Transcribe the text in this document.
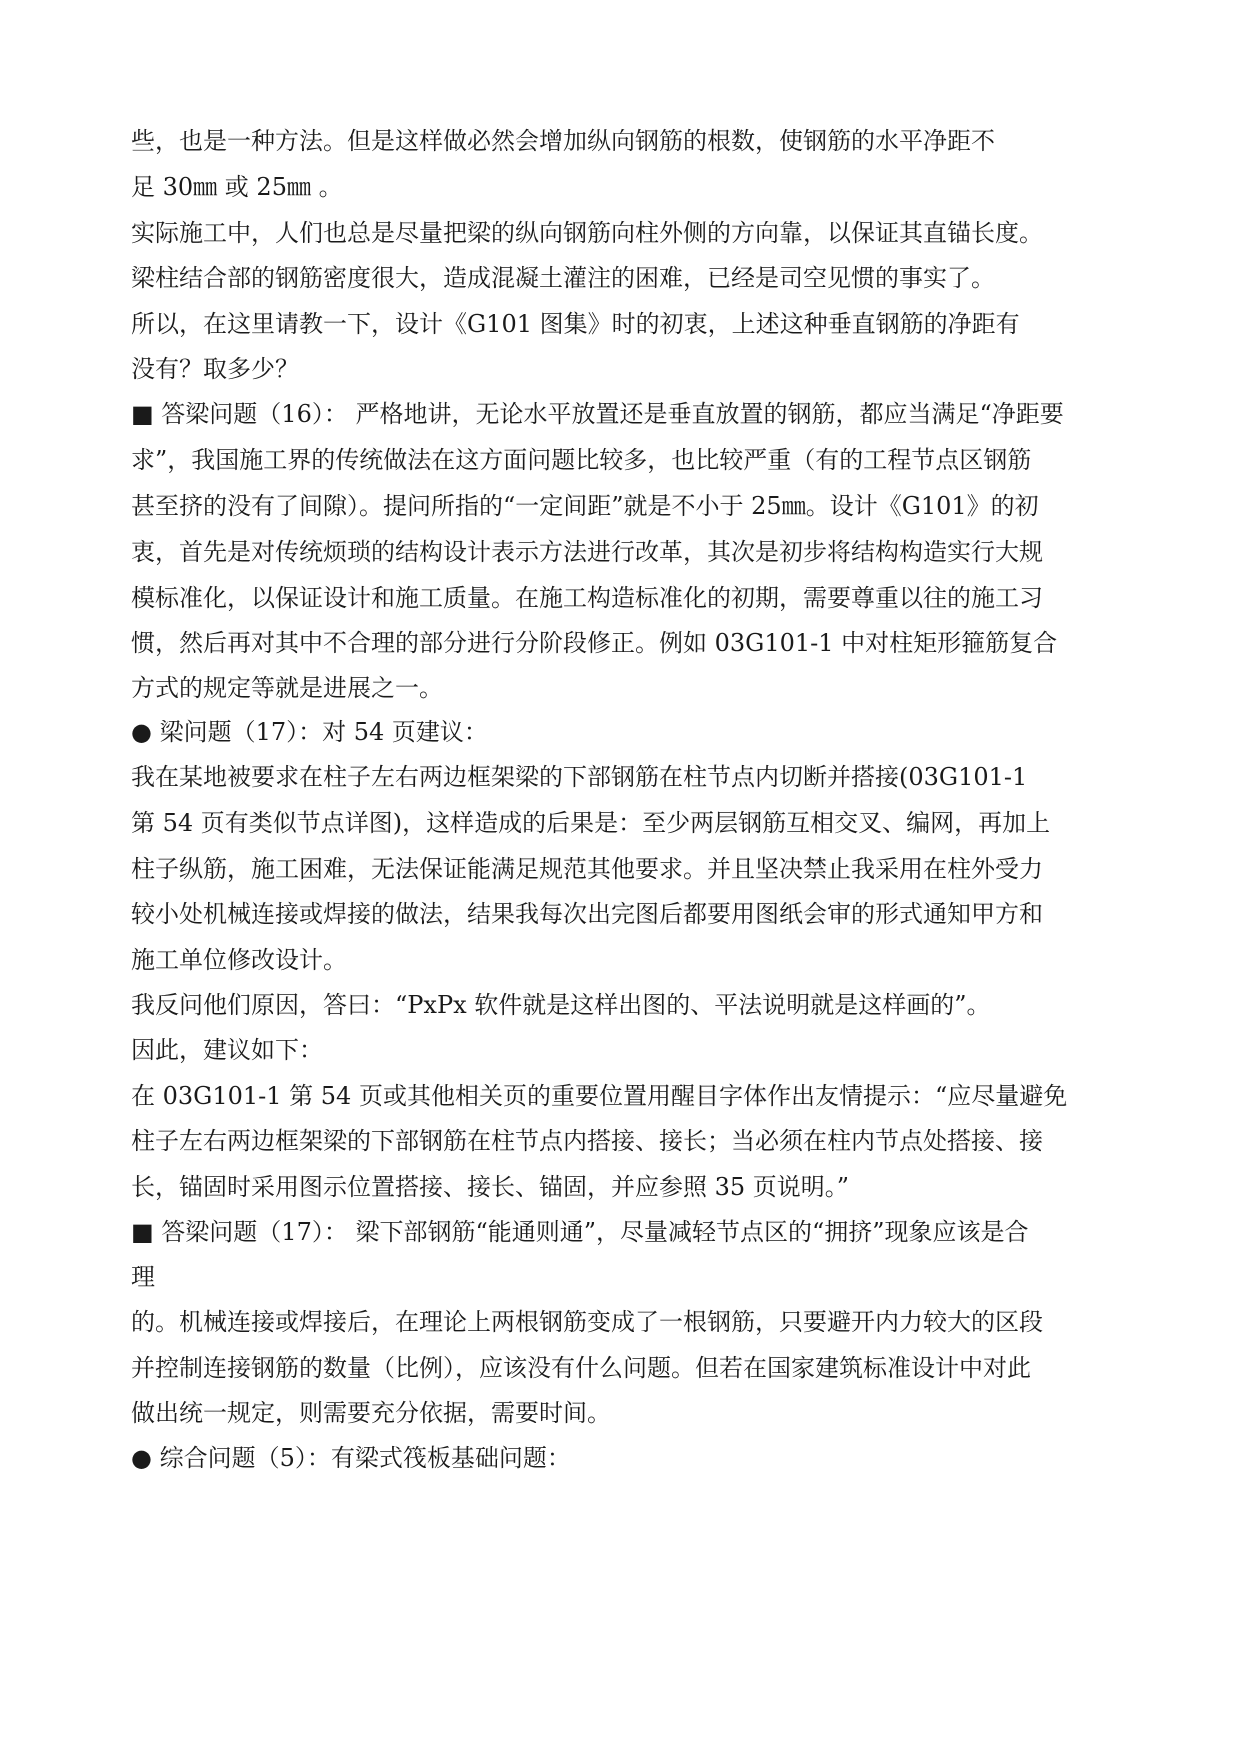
些，也是一种方法。但是这样做必然会增加纵向钢筋的根数，使钢筋的水平净距不
足 30㎜ 或 25㎜ 。
实际施工中，人们也总是尽量把梁的纵向钢筋向柱外侧的方向靠，以保证其直锚长度。
梁柱结合部的钢筋密度很大，造成混凝土灌注的困难，已经是司空见惯的事实了。
所以，在这里请教一下，设计《G101 图集》时的初衷，上述这种垂直钢筋的净距有
没有？取多少？
■ 答梁问题（16）： 严格地讲，无论水平放置还是垂直放置的钢筋，都应当满足“净距要
求”，我国施工界的传统做法在这方面问题比较多，也比较严重（有的工程节点区钢筋
甚至挤的没有了间隙）。提问所指的“一定间距”就是不小于 25㎜。设计《G101》的初
衷，首先是对传统烦琐的结构设计表示方法进行改革，其次是初步将结构构造实行大规
模标准化，以保证设计和施工质量。在施工构造标准化的初期，需要尊重以往的施工习
惯，然后再对其中不合理的部分进行分阶段修正。例如 03G101-1 中对柱矩形箍筋复合
方式的规定等就是进展之一。
● 梁问题（17）：对 54 页建议：
我在某地被要求在柱子左右两边框架梁的下部钢筋在柱节点内切断并搭接(03G101-1
第 54 页有类似节点详图)，这样造成的后果是：至少两层钢筋互相交叉、编网，再加上
柱子纵筋，施工困难，无法保证能满足规范其他要求。并且坚决禁止我采用在柱外受力
较小处机械连接或焊接的做法，结果我每次出完图后都要用图纸会审的形式通知甲方和
施工单位修改设计。
我反问他们原因，答曰：“PxPx 软件就是这样出图的、平法说明就是这样画的”。
因此，建议如下：
在 03G101-1 第 54 页或其他相关页的重要位置用醒目字体作出友情提示：“应尽量避免
柱子左右两边框架梁的下部钢筋在柱节点内搭接、接长；当必须在柱内节点处搭接、接
长，锚固时采用图示位置搭接、接长、锚固，并应参照 35 页说明。”
■ 答梁问题（17）： 梁下部钢筋“能通则通”，尽量减轻节点区的“拥挤”现象应该是合
理
的。机械连接或焊接后，在理论上两根钢筋变成了一根钢筋，只要避开内力较大的区段
并控制连接钢筋的数量（比例），应该没有什么问题。但若在国家建筑标准设计中对此
做出统一规定，则需要充分依据，需要时间。
● 综合问题（5）：有梁式筏板基础问题：
